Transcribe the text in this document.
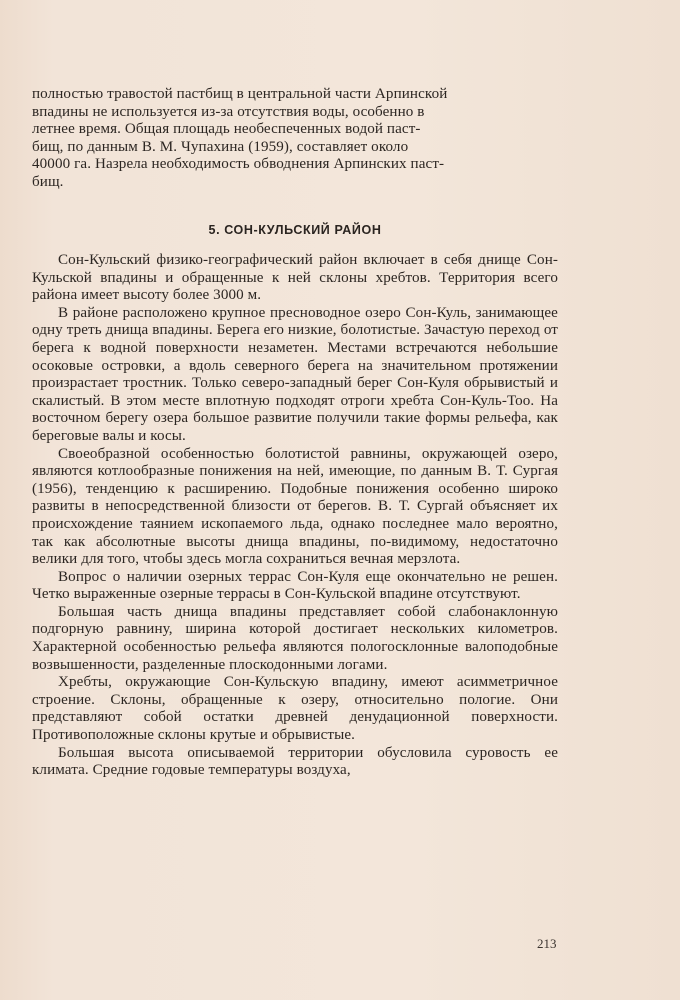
полностью травостой пастбищ в центральной части Арпинской
впадины не используется из-за отсутствия воды, особенно в
летнее время. Общая площадь необеспеченных водой паст-
бищ, по данным В. М. Чупахина (1959), составляет около
40000 га. Назрела необходимость обводнения Арпинских паст-
бищ.
5. СОН-КУЛЬСКИЙ РАЙОН

Сон-Кульский физико-географический район включает в себя днище Сон-Кульской впадины и обращенные к ней склоны хребтов. Территория всего района имеет высоту более 3000 м.

В районе расположено крупное пресноводное озеро Сон-Куль, занимающее одну треть днища впадины. Берега его низкие, болотистые. Зачастую переход от берега к водной поверхности незаметен. Местами встречаются небольшие осоковые островки, а вдоль северного берега на значительном протяжении произрастает тростник. Только северо-западный берег Сон-Куля обрывистый и скалистый. В этом месте вплотную подходят отроги хребта Сон-Куль-Тоо. На восточном берегу озера большое развитие получили такие формы рельефа, как береговые валы и косы.

Своеобразной особенностью болотистой равнины, окружающей озеро, являются котлообразные понижения на ней, имеющие, по данным В. Т. Сургая (1956), тенденцию к расширению. Подобные понижения особенно широко развиты в непосредственной близости от берегов. В. Т. Сургай объясняет их происхождение таянием ископаемого льда, однако последнее мало вероятно, так как абсолютные высоты днища впадины, по-видимому, недостаточно велики для того, чтобы здесь могла сохраниться вечная мерзлота.

Вопрос о наличии озерных террас Сон-Куля еще окончательно не решен. Четко выраженные озерные террасы в Сон-Кульской впадине отсутствуют.

Большая часть днища впадины представляет собой слабонаклонную подгорную равнину, ширина которой достигает нескольких километров. Характерной особенностью рельефа являются пологосклонные валоподобные возвышенности, разделенные плоскодонными логами.

Хребты, окружающие Сон-Кульскую впадину, имеют асимметричное строение. Склоны, обращенные к озеру, относительно пологие. Они представляют собой остатки древней денудационной поверхности. Противоположные склоны крутые и обрывистые.

Большая высота описываемой территории обусловила суровость ее климата. Средние годовые температуры воздуха,

213
